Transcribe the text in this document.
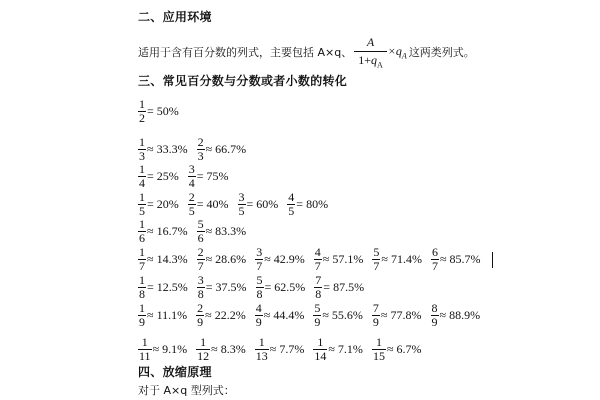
二、应用环境
适用于含有百分数的列式，主要包括 A×q、 $\frac{A}{1+q_A} \times q_A$ 这两类列式。
三、常见百分数与分数或者小数的转化
$\frac{1}{2} = 50\%$
$\frac{1}{3} \approx 33.3\% \frac{2}{3} \approx 66.7\%$
$\frac{1}{4} = 25\% \frac{3}{4} = 75\%$
$\frac{1}{5} = 20\% \frac{2}{5} = 40\% \frac{3}{5} = 60\% \frac{4}{5} = 80\%$
$\frac{1}{6} \approx 16.7\% \frac{5}{6} \approx 83.3\%$
$\frac{1}{7} \approx 14.3\% \frac{2}{7} \approx 28.6\% \frac{3}{7} \approx 42.9\% \frac{4}{7} \approx 57.1\% \frac{5}{7} \approx 71.4\% \frac{6}{7} \approx 85.7\%$
$\frac{1}{8} = 12.5\% \frac{3}{8} = 37.5\% \frac{5}{8} = 62.5\% \frac{7}{8} = 87.5\%$
$\frac{1}{9} \approx 11.1\% \frac{2}{9} \approx 22.2\% \frac{4}{9} \approx 44.4\% \frac{5}{9} \approx 55.6\% \frac{7}{9} \approx 77.8\% \frac{8}{9} \approx 88.9\%$
$\frac{1}{11} \approx 9.1\% \frac{1}{12} \approx 8.3\% \frac{1}{13} \approx 7.7\% \frac{1}{14} \approx 7.1\% \frac{1}{15} \approx 6.7\%$
四、放缩原理
对于 A×q 型列式：
